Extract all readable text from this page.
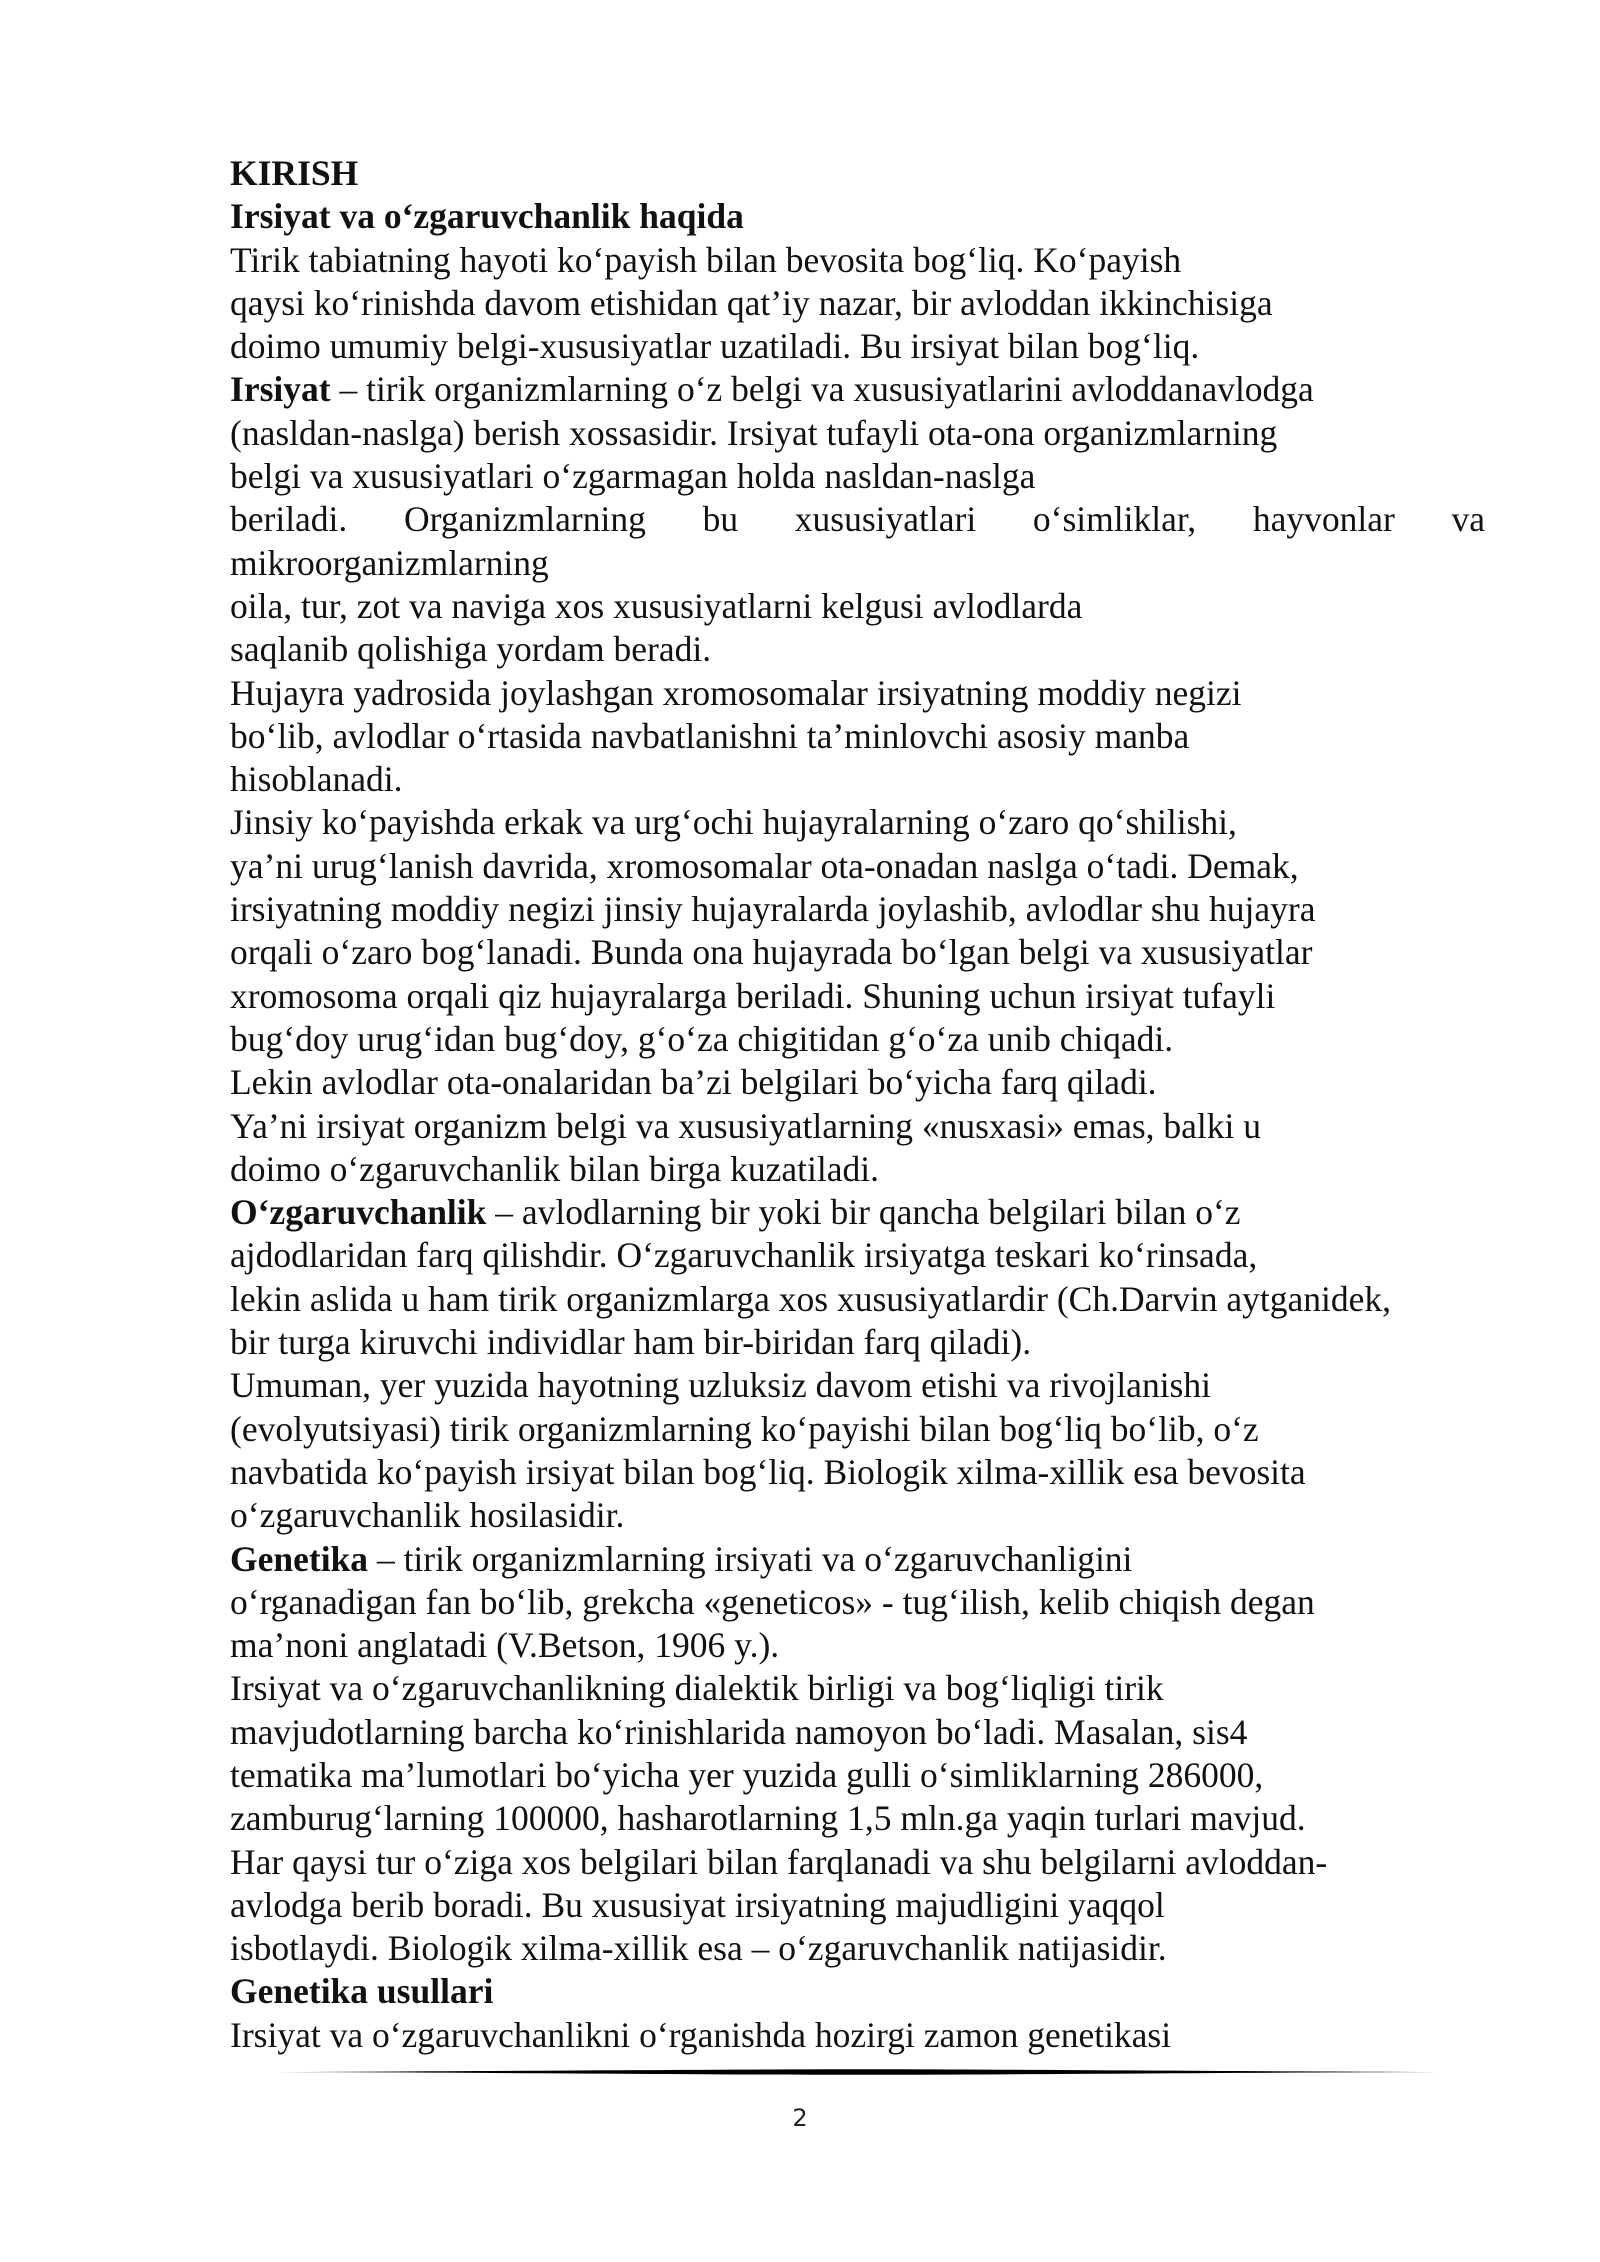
KIRISH
Irsiyat va o‘zgaruvchanlik haqida
Tirik tabiatning hayoti ko‘payish bilan bevosita bog‘liq. Ko‘payish
qaysi ko‘rinishda davom etishidan qat’iy nazar, bir avloddan ikkinchisiga
doimo umumiy belgi-xususiyatlar uzatiladi. Bu irsiyat bilan bog‘liq.
Irsiyat – tirik organizmlarning o‘z belgi va xususiyatlarini avloddanavlodga
(nasldan-naslga) berish xossasidir. Irsiyat tufayli ota-ona organizmlarning
belgi va xususiyatlari o‘zgarmagan holda nasldan-naslga
beriladi. Organizmlarning bu xususiyatlari o‘simliklar, hayvonlar va
mikroorganizmlarning
oila, tur, zot va naviga xos xususiyatlarni kelgusi avlodlarda
saqlanib qolishiga yordam beradi.
Hujayra yadrosida joylashgan xromosomalar irsiyatning moddiy negizi
bo‘lib, avlodlar o‘rtasida navbatlanishni ta’minlovchi asosiy manba
hisoblanadi.
Jinsiy ko‘payishda erkak va urg‘ochi hujayralarning o‘zaro qo‘shilishi,
ya’ni urug‘lanish davrida, xromosomalar ota-onadan naslga o‘tadi. Demak,
irsiyatning moddiy negizi jinsiy hujayralarda joylashib, avlodlar shu hujayra
orqali o‘zaro bog‘lanadi. Bunda ona hujayrada bo‘lgan belgi va xususiyatlar
xromosoma orqali qiz hujayralarga beriladi. Shuning uchun irsiyat tufayli
bug‘doy urug‘idan bug‘doy, g‘o‘za chigitidan g‘o‘za unib chiqadi.
Lekin avlodlar ota-onalaridan ba’zi belgilari bo‘yicha farq qiladi.
Ya’ni irsiyat organizm belgi va xususiyatlarning «nusxasi» emas, balki u
doimo o‘zgaruvchanlik bilan birga kuzatiladi.
O‘zgaruvchanlik – avlodlarning bir yoki bir qancha belgilari bilan o‘z
ajdodlaridan farq qilishdir. O‘zgaruvchanlik irsiyatga teskari ko‘rinsada,
lekin aslida u ham tirik organizmlarga xos xususiyatlardir (Ch.Darvin aytganidek,
bir turga kiruvchi individlar ham bir-biridan farq qiladi).
Umuman, yer yuzida hayotning uzluksiz davom etishi va rivojlanishi
(evolyutsiyasi) tirik organizmlarning ko‘payishi bilan bog‘liq bo‘lib, o‘z
navbatida ko‘payish irsiyat bilan bog‘liq. Biologik xilma-xillik esa bevosita
o‘zgaruvchanlik hosilasidir.
Genetika – tirik organizmlarning irsiyati va o‘zgaruvchanligini
o‘rganadigan fan bo‘lib, grekcha «geneticos» - tug‘ilish, kelib chiqish degan
ma’noni anglatadi (V.Betson, 1906 y.).
Irsiyat va o‘zgaruvchanlikning dialektik birligi va bog‘liqligi tirik
mavjudotlarning barcha ko‘rinishlarida namoyon bo‘ladi. Masalan, sis4
tematika ma’lumotlari bo‘yicha yer yuzida gulli o‘simliklarning 286000,
zamburug‘larning 100000, hasharotlarning 1,5 mln.ga yaqin turlari mavjud.
Har qaysi tur o‘ziga xos belgilari bilan farqlanadi va shu belgilarni avloddan-
avlodga berib boradi. Bu xususiyat irsiyatning majudligini yaqqol
isbotlaydi. Biologik xilma-xillik esa – o‘zgaruvchanlik natijasidir.
Genetika usullari
Irsiyat va o‘zgaruvchanlikni o‘rganishda hozirgi zamon genetikasi
2
